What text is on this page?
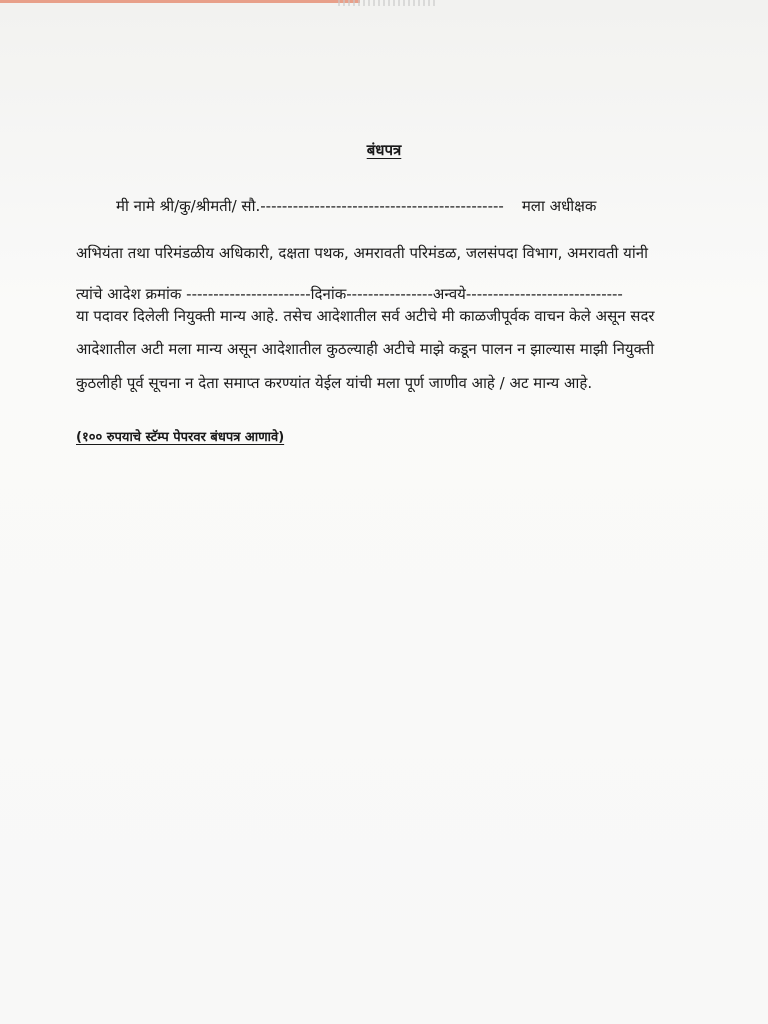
बंधपत्र
मी नामे श्री/कु/श्रीमती/ सौ.--------------------------------------------- मला अधीक्षक
अभियंता तथा परिमंडळीय अधिकारी, दक्षता पथक, अमरावती परिमंडळ, जलसंपदा विभाग, अमरावती यांनी
त्यांचे आदेश क्रमांक -----------------------दिनांक----------------अन्वये-----------------------------
या पदावर दिलेली नियुक्ती मान्य आहे. तसेच आदेशातील सर्व अटीचे मी काळजीपूर्वक वाचन केले असून सदर
आदेशातील अटी मला मान्य असून आदेशातील कुठल्याही अटीचे माझे कडून पालन न झाल्यास माझी नियुक्ती
कुठलीही पूर्व सूचना न देता समाप्त करण्यांत येईल यांची मला पूर्ण जाणीव आहे / अट मान्य आहे.
(१०० रुपयाचे स्टॅम्प पेपरवर बंधपत्र आणावे)
